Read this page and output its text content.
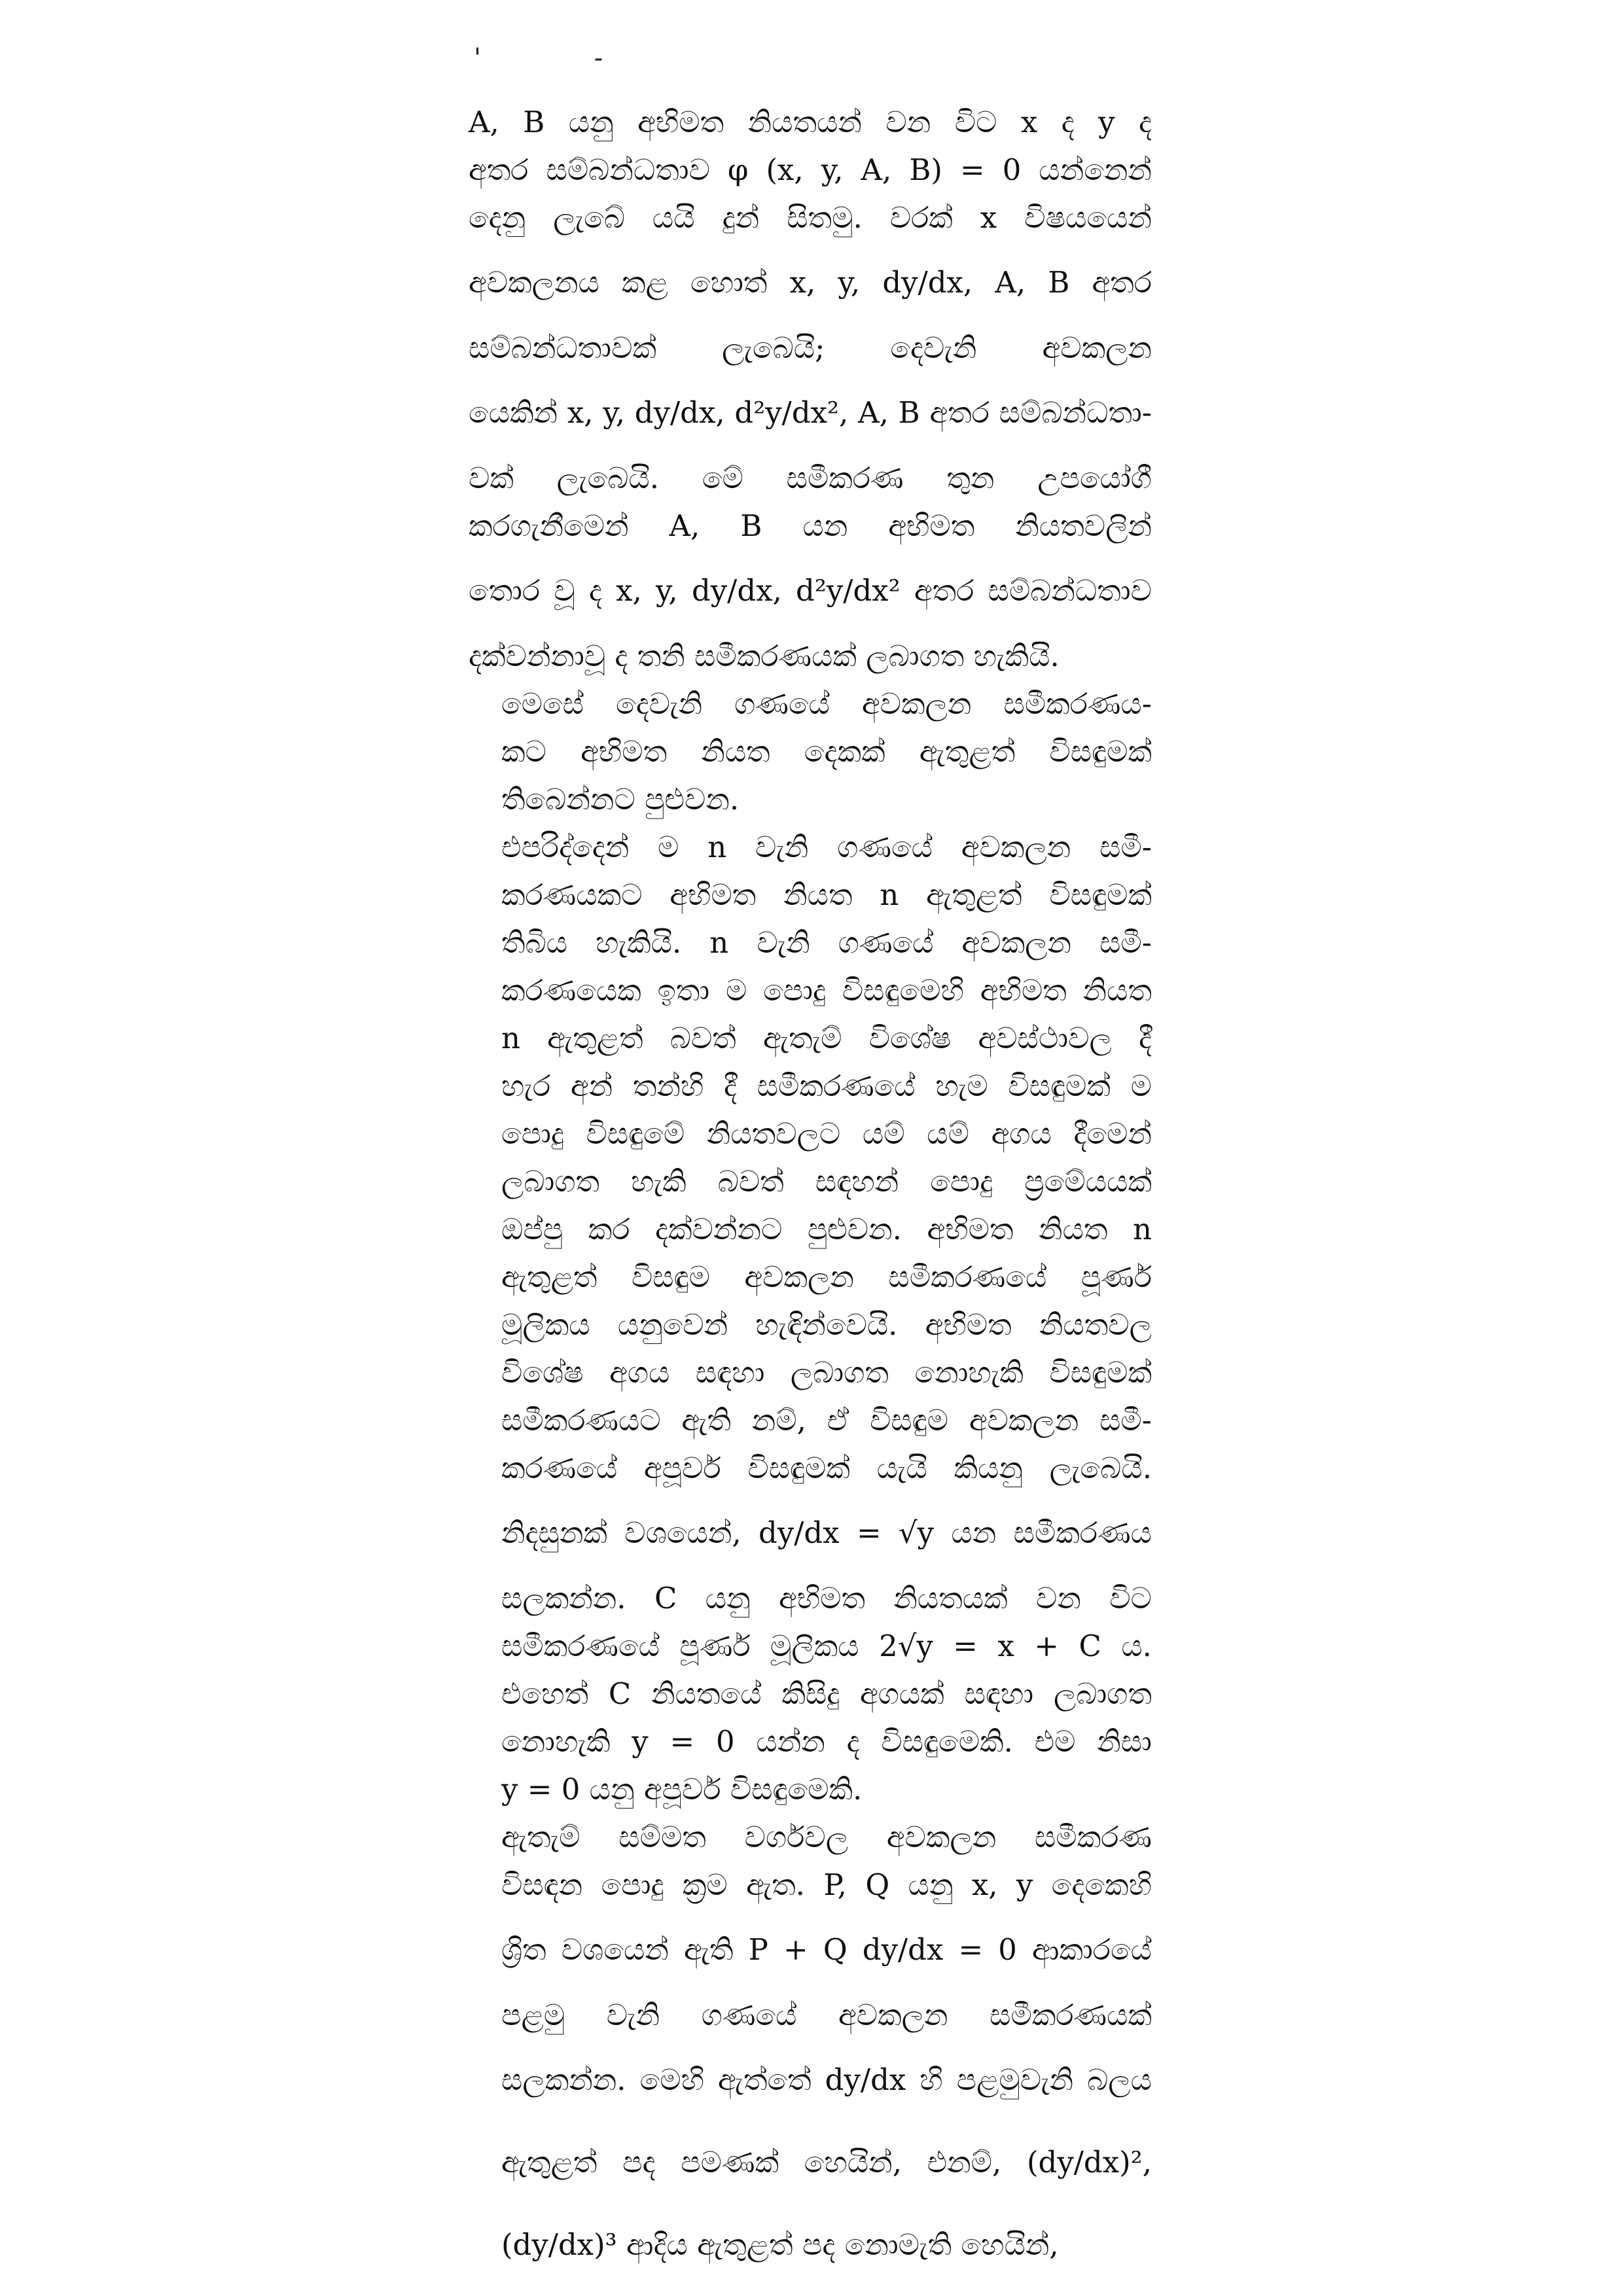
' -

A, B යනු අභිමත නියතයන් වන විට x ද y ද
අතර සම්බන්ධතාව φ (x, y, A, B) = 0 යන්නෙන්
දෙනු ලැබේ යයි දුන් සිතමු. වරක් x විෂයයෙන්
අවකලනය කළ හොත් x, y, dy/dx, A, B අතර
සම්බන්ධතාවක් ලැබෙයි; දෙවැනි අවකලන
යෙකින් x, y, dy/dx, d²y/dx², A, B අතර සම්බන්ධතා-
වක් ලැබෙයි. මේ සමීකරණ තුන උපයෝගී
කරගැනීමෙන් A, B යන අභිමත නියතවලින්
තොර වූ ද x, y, dy/dx, d²y/dx² අතර සම්බන්ධතාව
දක්වන්නාවූ ද තනි සමීකරණයක් ලබාගත හැකියි.

මෙසේ දෙවැනි ගණයේ අවකලන සමීකරණය-
කට අභිමත නියත දෙකක් ඇතුළත් විසඳුමක්
තිබෙන්නට පුළුවන.

එපරිද්දෙන් ම n වැනි ගණයේ අවකලන සමී-
කරණයකට අභිමත නියත n ඇතුළත් විසඳුමක්
තිබිය හැකියි. n වැනි ගණයේ අවකලන සමී-
කරණයෙක ඉතා ම පොදු විසඳුමෙහි අභිමත නියත
n ඇතුළත් බවත් ඇතැම් විශේෂ අවස්ථාවල දී
හැර අන් තන්හි දී සමීකරණයේ හැම විසඳුමක් ම
පොදු විසඳුමේ නියතවලට යම් යම් අගය දීමෙන්
ලබාගත හැකි බවත් සඳහන් පොදු ප්‍රමේයයක්
ඔප්පු කර දක්වන්නට පුළුවන. අභිමත නියත n
ඇතුළත් විසඳුම අවකලන සමීකරණයේ පූර්ණ
මූලිකය යනුවෙන් හැඳින්වෙයි. අභිමත නියතවල
විශේෂ අගය සඳහා ලබාගත නොහැකි විසඳුමක්
සමීකරණයට ඇති නම්, ඒ විසඳුම අවකලන සමී-
කරණයේ අපූර්ව විසඳුමක් යැයි කියනු ලැබෙයි.
නිදසුනක් වශයෙන්, dy/dx = √y යන සමීකරණය
සලකන්න. C යනු අභිමත නියතයක් වන විට
සමීකරණයේ පූර්ණ මූලිකය 2√y = x + C ය.
එහෙත් C නියතයේ කිසිදු අගයක් සඳහා ලබාගත
නොහැකි y = 0 යන්න ද විසඳුමෙකි. එම නිසා
y = 0 යනු අපූර්ව විසඳුමෙකි.

ඇතැම් සම්මත වර්ගවල අවකලන සමීකරණ
විසඳන පොදු ක්‍රම ඇත. P, Q යනු x, y දෙකෙහි
ශ්‍රිත වශයෙන් ඇති P + Q dy/dx = 0 ආකාරයේ
පළමු වැනි ගණයේ අවකලන සමීකරණයක්
සලකන්න. මෙහි ඇත්තේ dy/dx හි පළමුවැනි බලය
ඇතුළත් පද පමණක් හෙයින්, එනම්, (dy/dx)²,
(dy/dx)³ ආදිය ඇතුළත් පද නොමැති හෙයින්,
